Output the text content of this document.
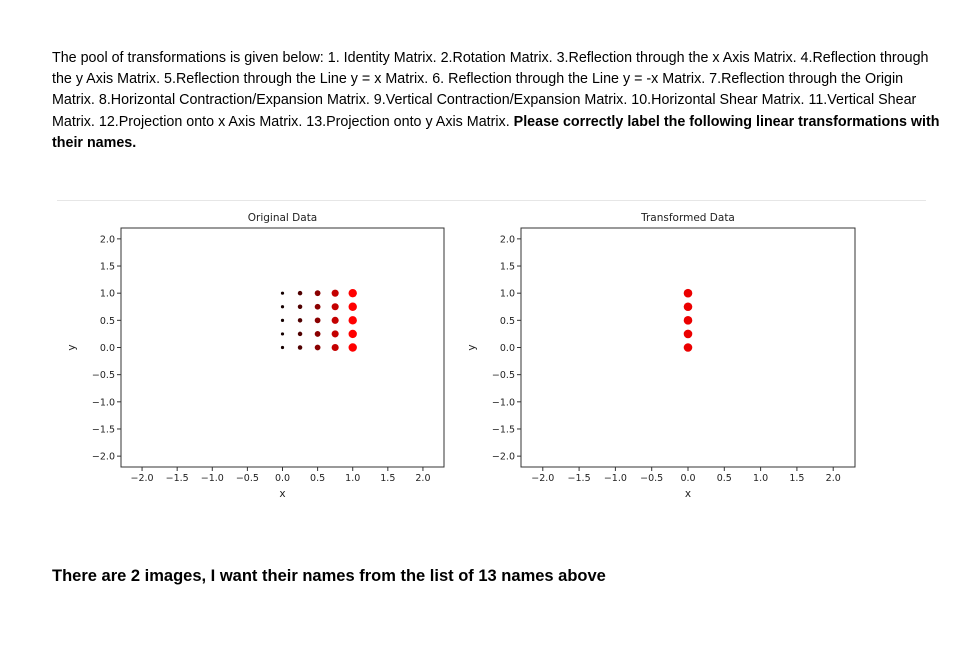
The pool of transformations is given below: 1. Identity Matrix. 2.Rotation Matrix. 3.Reflection through the x Axis Matrix. 4.Reflection through the y Axis Matrix. 5.Reflection through the Line y = x Matrix. 6. Reflection through the Line y = -x Matrix. 7.Reflection through the Origin Matrix. 8.Horizontal Contraction/Expansion Matrix. 9.Vertical Contraction/Expansion Matrix. 10.Horizontal Shear Matrix. 11.Vertical Shear Matrix. 12.Projection onto x Axis Matrix. 13.Projection onto y Axis Matrix. Please correctly label the following linear transformations with their names.
Original Data
−2.0 −1.5 −1.0 −0.5 0.0 0.5 1.0 1.5 2.0
2.0
1.5
1.0
0.5
0.0
−0.5
−1.0
−1.5
−2.0
x
y
Transformed Data
−2.0 −1.5 −1.0 −0.5 0.0 0.5 1.0 1.5 2.0
2.0
1.5
1.0
0.5
0.0
−0.5
−1.0
−1.5
−2.0
x
y
There are 2 images, I want their names from the list of 13 names above
